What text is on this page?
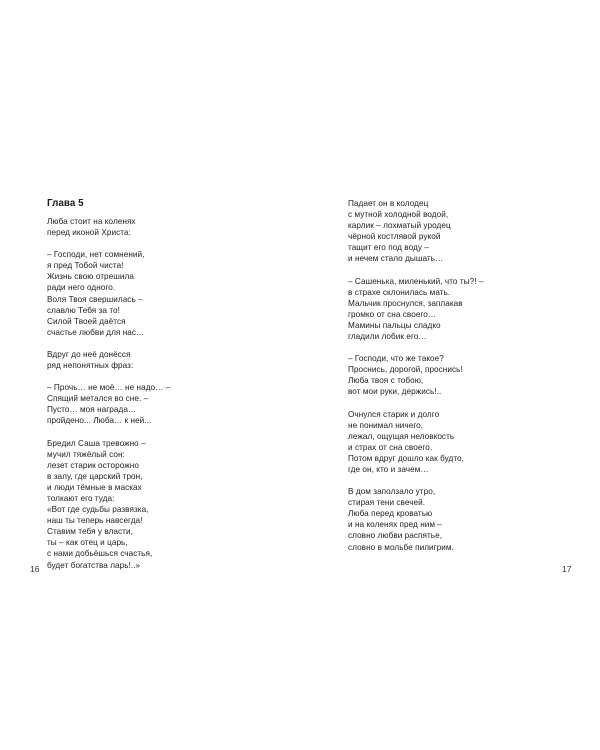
Глава 5
Люба стоит на коленях
перед иконой Христа:
– Господи, нет сомнений,
я пред Тобой чиста!
Жизнь свою отрешила
ради него одного.
Воля Твоя свершилась –
славлю Тебя за то!
Силой Твоей даётся
счастье любви для нас…
Вдруг до неё донёсся
ряд непонятных фраз:
– Прочь… не моё… не надо… –
Спящий метался во сне. –
Пусто… моя награда…
пройдено... Люба… к ней...
Бредил Саша тревожно –
мучил тяжёлый сон:
лезет старик осторожно
в залу, где царский трон,
и люди тёмные в масках
толкают его туда:
«Вот где судьбы развязка,
наш ты теперь навсегда!
Ставим тебя у власти,
ты – как отец и царь,
с нами добьёшься счастья,
будет богатства ларь!..»
16
Падает он в колодец
с мутной холодной водой,
карлик – лохматый уродец
чёрной костлявой рукой
тащит его под воду –
и нечем стало дышать…
– Сашенька, миленький, что ты?! –
в страхе склонилась мать.
Мальчик проснулся, заплакав
громко от сна своего…
Мамины пальцы сладко
гладили лобик его…
– Господи, что же такое?
Проснись, дорогой, проснись!
Люба твоя с тобою,
вот мои руки, держись!..
Очнулся старик и долго
не понимал ничего,
лежал, ощущая неловкость
и страх от сна своего.
Потом вдруг дошло как будто,
где он, кто и зачем…
В дом заползало утро,
стирая тени свечей.
Люба перед кроватью
и на коленях пред ним –
словно любви распятье,
словно в мольбе пилигрим.
17
